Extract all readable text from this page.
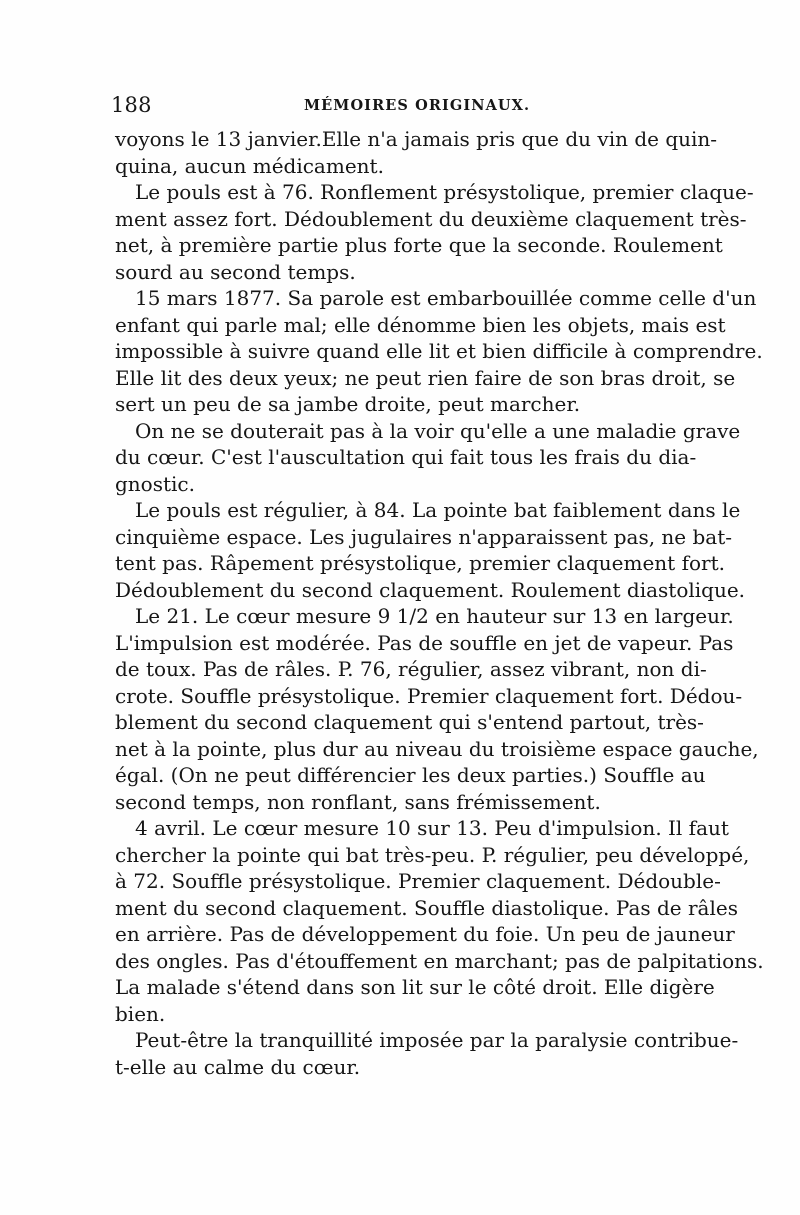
188	MÉMOIRES ORIGINAUX.
voyons le 13 janvier.Elle n'a jamais pris que du vin de quin-
quina, aucun médicament.
Le pouls est à 76. Ronflement présystolique, premier claque-
ment assez fort. Dédoublement du deuxième claquement très-
net, à première partie plus forte que la seconde. Roulement
sourd au second temps.
15 mars 1877. Sa parole est embarbouillée comme celle d'un
enfant qui parle mal; elle dénomme bien les objets, mais est
impossible à suivre quand elle lit et bien difficile à comprendre.
Elle lit des deux yeux; ne peut rien faire de son bras droit, se
sert un peu de sa jambe droite, peut marcher.
On ne se douterait pas à la voir qu'elle a une maladie grave
du cœur. C'est l'auscultation qui fait tous les frais du dia-
gnostic.
Le pouls est régulier, à 84. La pointe bat faiblement dans le
cinquième espace. Les jugulaires n'apparaissent pas, ne bat-
tent pas. Râpement présystolique, premier claquement fort.
Dédoublement du second claquement. Roulement diastolique.
Le 21. Le cœur mesure 9 1/2 en hauteur sur 13 en largeur.
L'impulsion est modérée. Pas de souffle en jet de vapeur. Pas
de toux. Pas de râles. P. 76, régulier, assez vibrant, non di-
crote. Souffle présystolique. Premier claquement fort. Dédou-
blement du second claquement qui s'entend partout, très-
net à la pointe, plus dur au niveau du troisième espace gauche,
égal. (On ne peut différencier les deux parties.) Souffle au
second temps, non ronflant, sans frémissement.
4 avril. Le cœur mesure 10 sur 13. Peu d'impulsion. Il faut
chercher la pointe qui bat très-peu. P. régulier, peu développé,
à 72. Souffle présystolique. Premier claquement. Dédouble-
ment du second claquement. Souffle diastolique. Pas de râles
en arrière. Pas de développement du foie. Un peu de jauneur
des ongles. Pas d'étouffement en marchant; pas de palpitations.
La malade s'étend dans son lit sur le côté droit. Elle digère
bien.
Peut-être la tranquillité imposée par la paralysie contribue-
t-elle au calme du cœur.
